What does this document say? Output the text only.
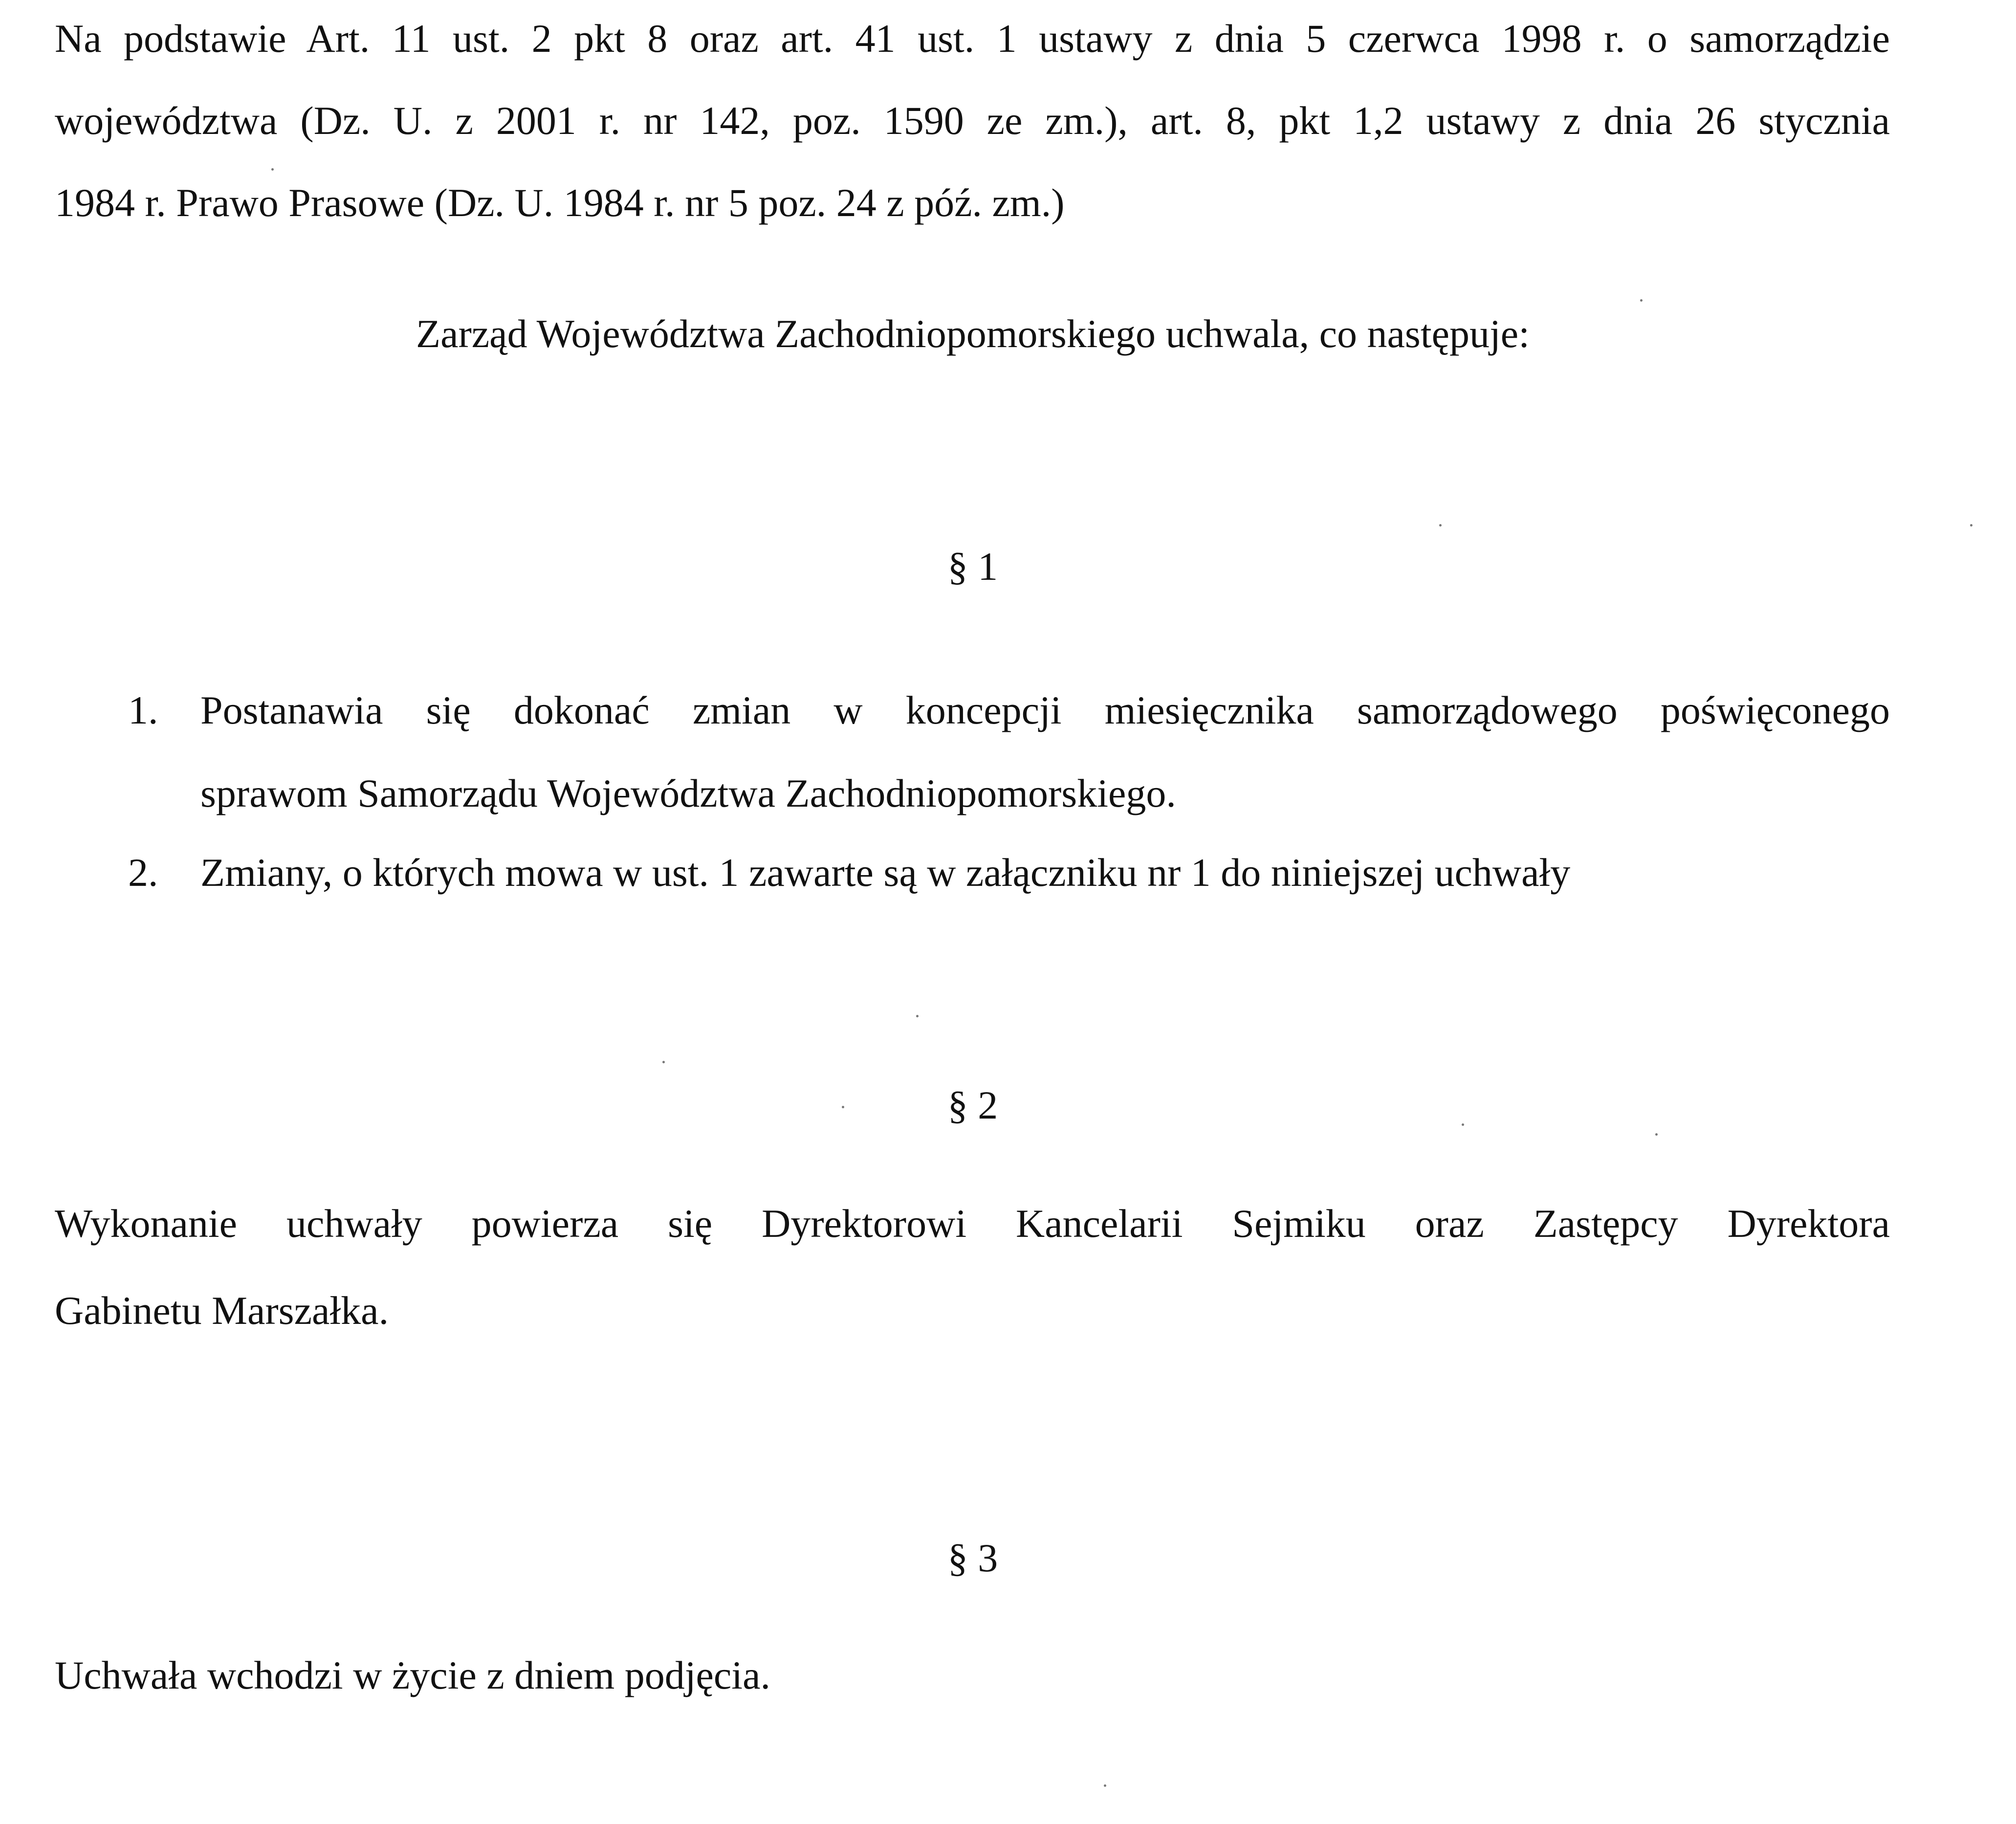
Na podstawie Art. 11 ust. 2 pkt 8 oraz art. 41 ust. 1 ustawy z dnia 5 czerwca 1998 r. o samorządzie
województwa (Dz. U. z 2001 r. nr 142, poz. 1590 ze zm.), art. 8, pkt 1,2 ustawy z dnia 26 stycznia
1984 r. Prawo Prasowe (Dz. U. 1984 r. nr 5 poz. 24 z póź. zm.)
Zarząd Województwa Zachodniopomorskiego uchwala, co następuje:
§ 1
1. Postanawia się dokonać zmian w koncepcji miesięcznika samorządowego poświęconego
sprawom Samorządu Województwa Zachodniopomorskiego.
2. Zmiany, o których mowa w ust. 1 zawarte są w załączniku nr 1 do niniejszej uchwały
§ 2
Wykonanie uchwały powierza się Dyrektorowi Kancelarii Sejmiku oraz Zastępcy Dyrektora
Gabinetu Marszałka.
§ 3
Uchwała wchodzi w życie z dniem podjęcia.
